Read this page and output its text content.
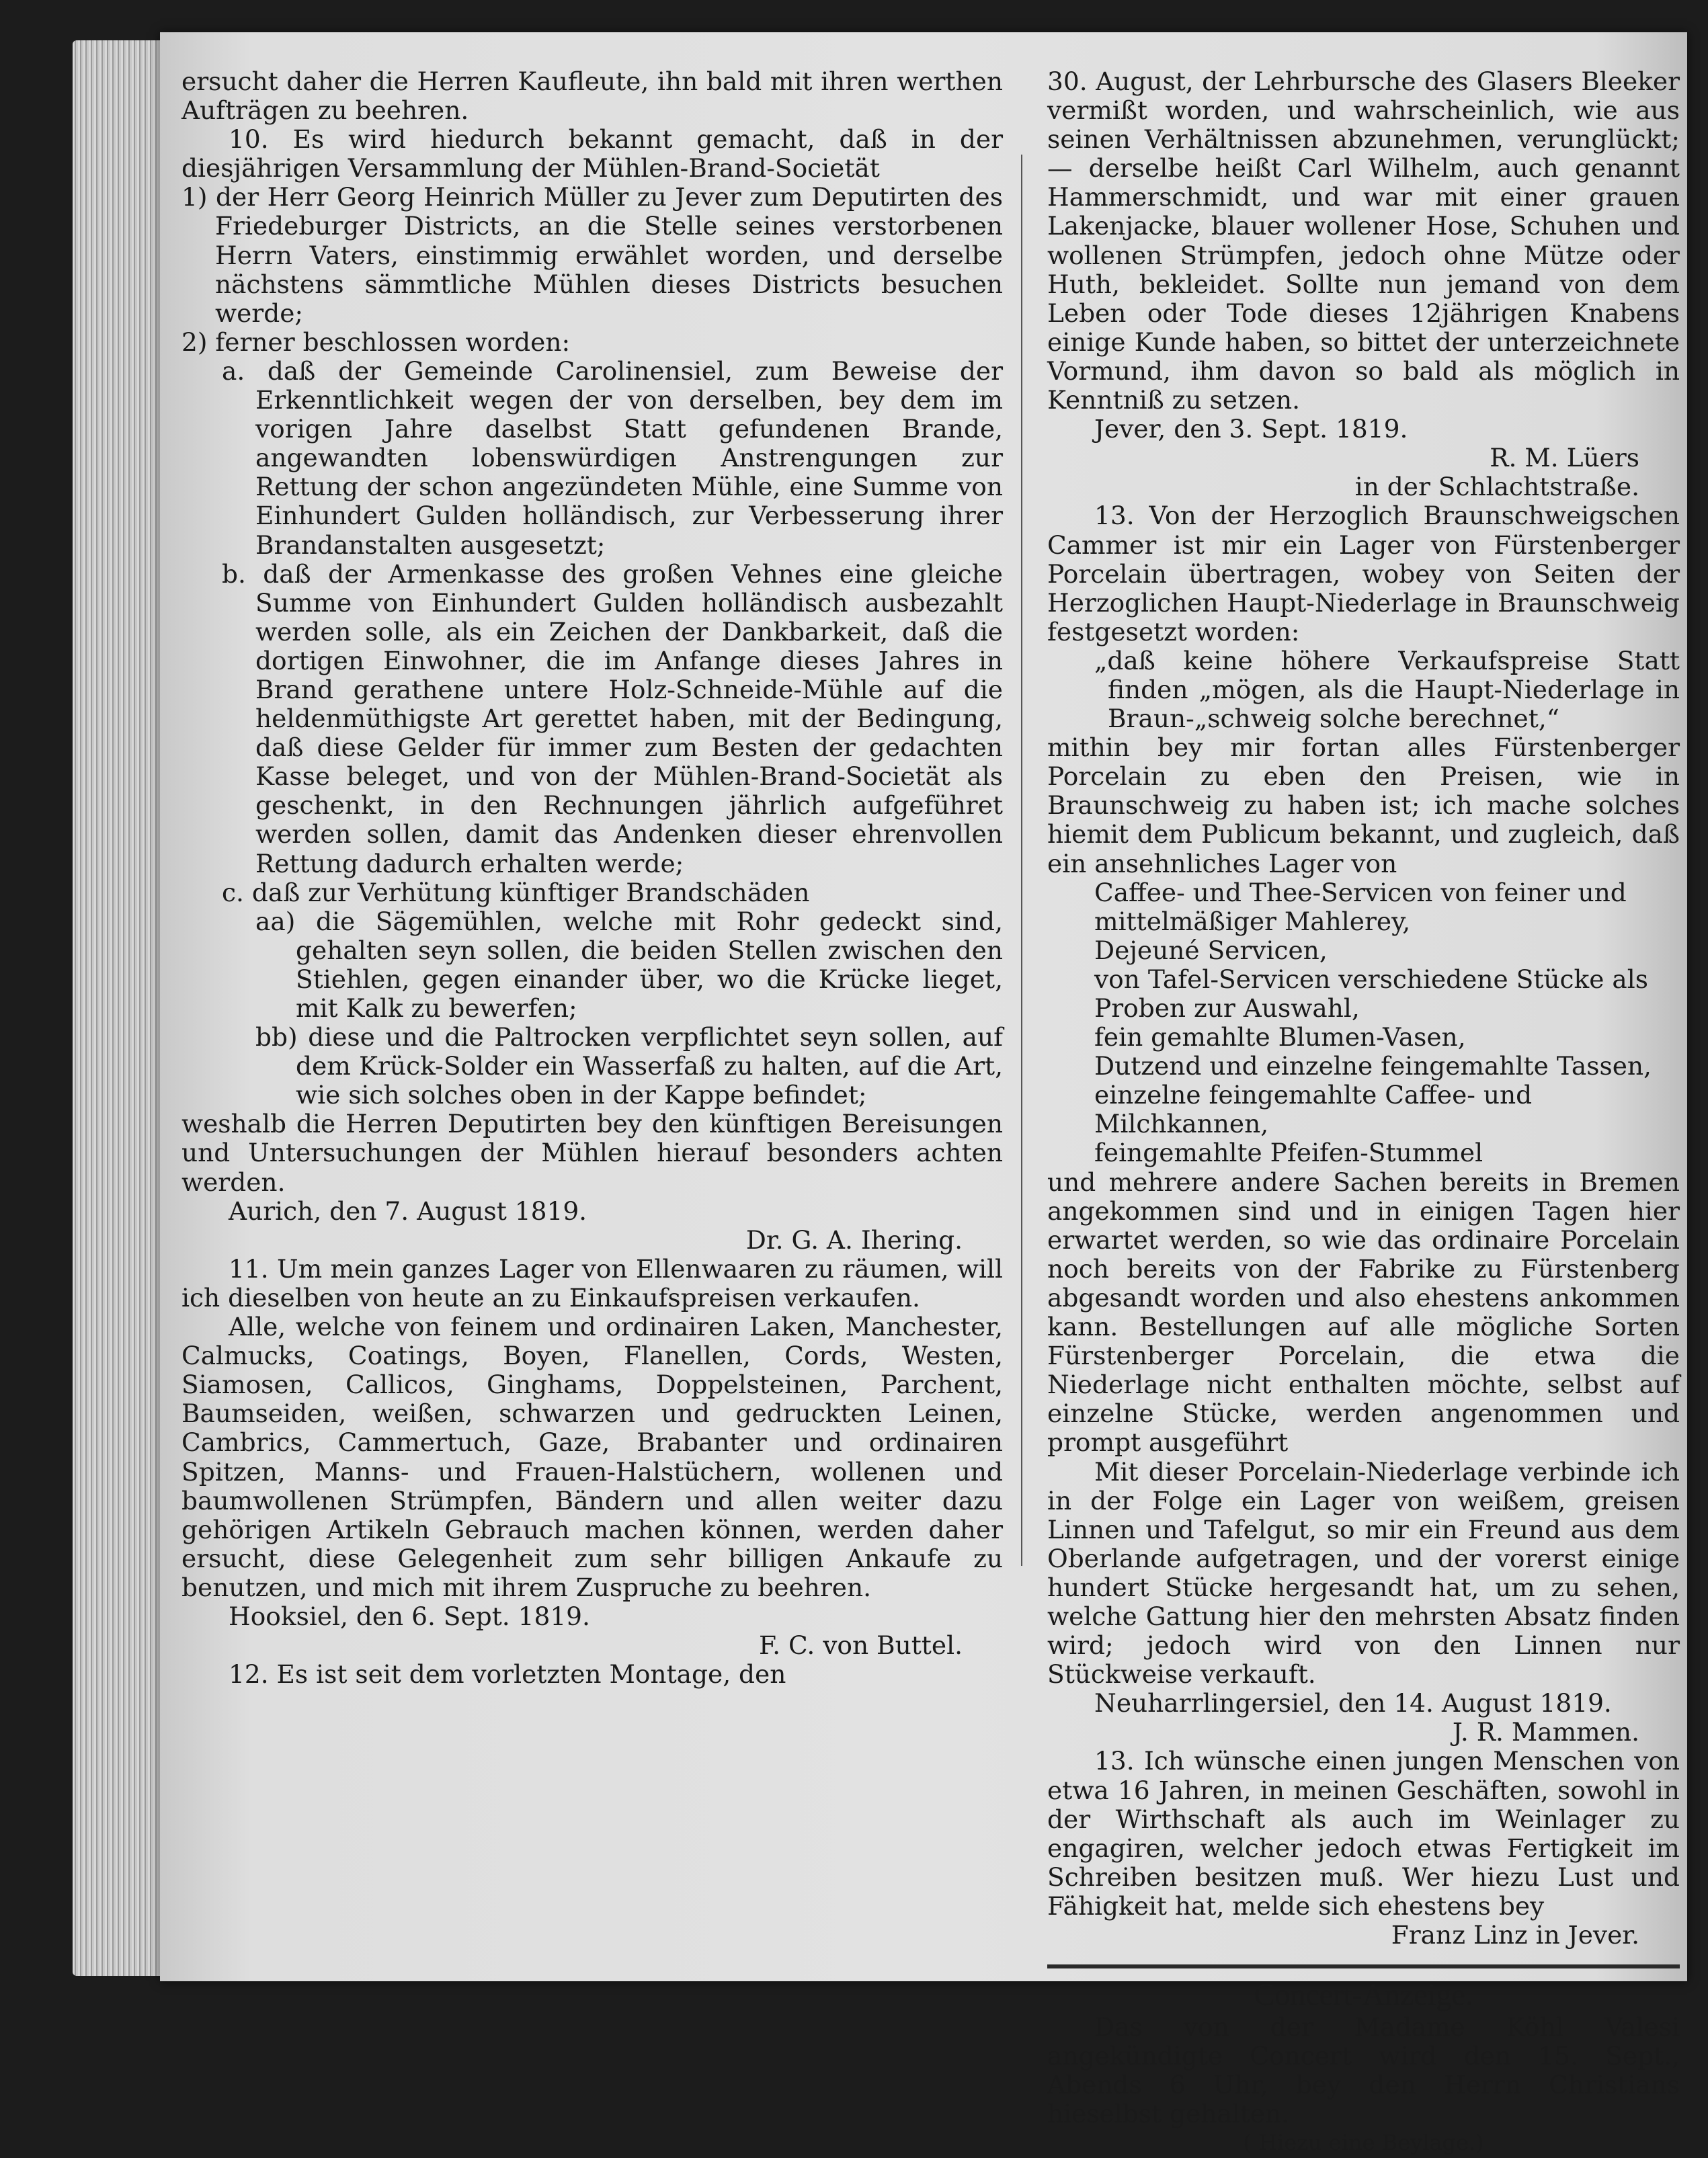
ersucht daher die Herren Kaufleute, ihn bald mit ihren werthen Aufträgen zu beehren.

10. Es wird hiedurch bekannt gemacht, daß in der diesjährigen Versammlung der Mühlen-Brand-Societät

1) der Herr Georg Heinrich Müller zu Jever zum Deputirten des Friedeburger Districts, an die Stelle seines verstorbenen Herrn Vaters, einstimmig erwählet worden, und derselbe nächstens sämmtliche Mühlen dieses Districts besuchen werde;

2) ferner beschlossen worden:

a. daß der Gemeinde Carolinensiel, zum Beweise der Erkenntlichkeit wegen der von derselben, bey dem im vorigen Jahre daselbst Statt gefundenen Brande, angewandten lobenswürdigen Anstrengungen zur Rettung der schon angezündeten Mühle, eine Summe von Einhundert Gulden holländisch, zur Verbesserung ihrer Brandanstalten ausgesetzt;

b. daß der Armenkasse des großen Vehnes eine gleiche Summe von Einhundert Gulden holländisch ausbezahlt werden solle, als ein Zeichen der Dankbarkeit, daß die dortigen Einwohner, die im Anfange dieses Jahres in Brand gerathene untere Holz-Schneide-Mühle auf die heldenmüthigste Art gerettet haben, mit der Bedingung, daß diese Gelder für immer zum Besten der gedachten Kasse beleget, und von der Mühlen-Brand-Societät als geschenkt, in den Rechnungen jährlich aufgeführet werden sollen, damit das Andenken dieser ehrenvollen Rettung dadurch erhalten werde;

c. daß zur Verhütung künftiger Brandschäden

aa) die Sägemühlen, welche mit Rohr gedeckt sind, gehalten seyn sollen, die beiden Stellen zwischen den Stiehlen, gegen einander über, wo die Krücke lieget, mit Kalk zu bewerfen;

bb) diese und die Paltrocken verpflichtet seyn sollen, auf dem Krück-Solder ein Wasserfaß zu halten, auf die Art, wie sich solches oben in der Kappe befindet;

weshalb die Herren Deputirten bey den künftigen Bereisungen und Untersuchungen der Mühlen hierauf besonders achten werden.

Aurich, den 7. August 1819.

Dr. G. A. Ihering.

11. Um mein ganzes Lager von Ellenwaaren zu räumen, will ich dieselben von heute an zu Einkaufspreisen verkaufen.

Alle, welche von feinem und ordinairen Laken, Manchester, Calmucks, Coatings, Boyen, Flanellen, Cords, Westen, Siamosen, Callicos, Ginghams, Doppelsteinen, Parchent, Baumseiden, weißen, schwarzen und gedruckten Leinen, Cambrics, Cammertuch, Gaze, Brabanter und ordinairen Spitzen, Manns- und Frauen-Halstüchern, wollenen und baumwollenen Strümpfen, Bändern und allen weiter dazu gehörigen Artikeln Gebrauch machen können, werden daher ersucht, diese Gelegenheit zum sehr billigen Ankaufe zu benutzen, und mich mit ihrem Zuspruche zu beehren.

Hooksiel, den 6. Sept. 1819.

F. C. von Buttel.

12. Es ist seit dem vorletzten Montage, den

30. August, der Lehrbursche des Glasers Bleeker vermißt worden, und wahrscheinlich, wie aus seinen Verhältnissen abzunehmen, verunglückt; — derselbe heißt Carl Wilhelm, auch genannt Hammerschmidt, und war mit einer grauen Lakenjacke, blauer wollener Hose, Schuhen und wollenen Strümpfen, jedoch ohne Mütze oder Huth, bekleidet. Sollte nun jemand von dem Leben oder Tode dieses 12jährigen Knabens einige Kunde haben, so bittet der unterzeichnete Vormund, ihm davon so bald als möglich in Kenntniß zu setzen.

Jever, den 3. Sept. 1819.

R. M. Lüers

in der Schlachtstraße.

13. Von der Herzoglich Braunschweigschen Cammer ist mir ein Lager von Fürstenberger Porcelain übertragen, wobey von Seiten der Herzoglichen Haupt-Niederlage in Braunschweig festgesetzt worden:

„daß keine höhere Verkaufspreise Statt finden „mögen, als die Haupt-Niederlage in Braun-„schweig solche berechnet,“

mithin bey mir fortan alles Fürstenberger Porcelain zu eben den Preisen, wie in Braunschweig zu haben ist; ich mache solches hiemit dem Publicum bekannt, und zugleich, daß ein ansehnliches Lager von

Caffee- und Thee-Servicen von feiner und mittelmäßiger Mahlerey,

Dejeuné Servicen,

von Tafel-Servicen verschiedene Stücke als Proben zur Auswahl,

fein gemahlte Blumen-Vasen,

Dutzend und einzelne feingemahlte Tassen,

einzelne feingemahlte Caffee- und Milchkannen,

feingemahlte Pfeifen-Stummel

und mehrere andere Sachen bereits in Bremen angekommen sind und in einigen Tagen hier erwartet werden, so wie das ordinaire Porcelain noch bereits von der Fabrike zu Fürstenberg abgesandt worden und also ehestens ankommen kann. Bestellungen auf alle mögliche Sorten Fürstenberger Porcelain, die etwa die Niederlage nicht enthalten möchte, selbst auf einzelne Stücke, werden angenommen und prompt ausgeführt

Mit dieser Porcelain-Niederlage verbinde ich in der Folge ein Lager von weißem, greisen Linnen und Tafelgut, so mir ein Freund aus dem Oberlande aufgetragen, und der vorerst einige hundert Stücke hergesandt hat, um zu sehen, welche Gattung hier den mehrsten Absatz finden wird; jedoch wird von den Linnen nur Stückweise verkauft.

Neuharrlingersiel, den 14. August 1819.

J. R. Mammen.

13. Ich wünsche einen jungen Menschen von etwa 16 Jahren, in meinen Geschäften, sowohl in der Wirthschaft als auch im Weinlager zu engagiren, welcher jedoch etwas Fertigkeit im Schreiben besitzen muß. Wer hiezu Lust und Fähigkeit hat, melde sich ehestens bey

Franz Linz in Jever.

Concert-Anzeige.

Das von der Madame Köhl Valesi angekündigte Concert wird den 15. Sept., Abends 6 Uhr, bey den Herrn Christians hieselbst gehalten.

( Hiezu eine Beylage.)
